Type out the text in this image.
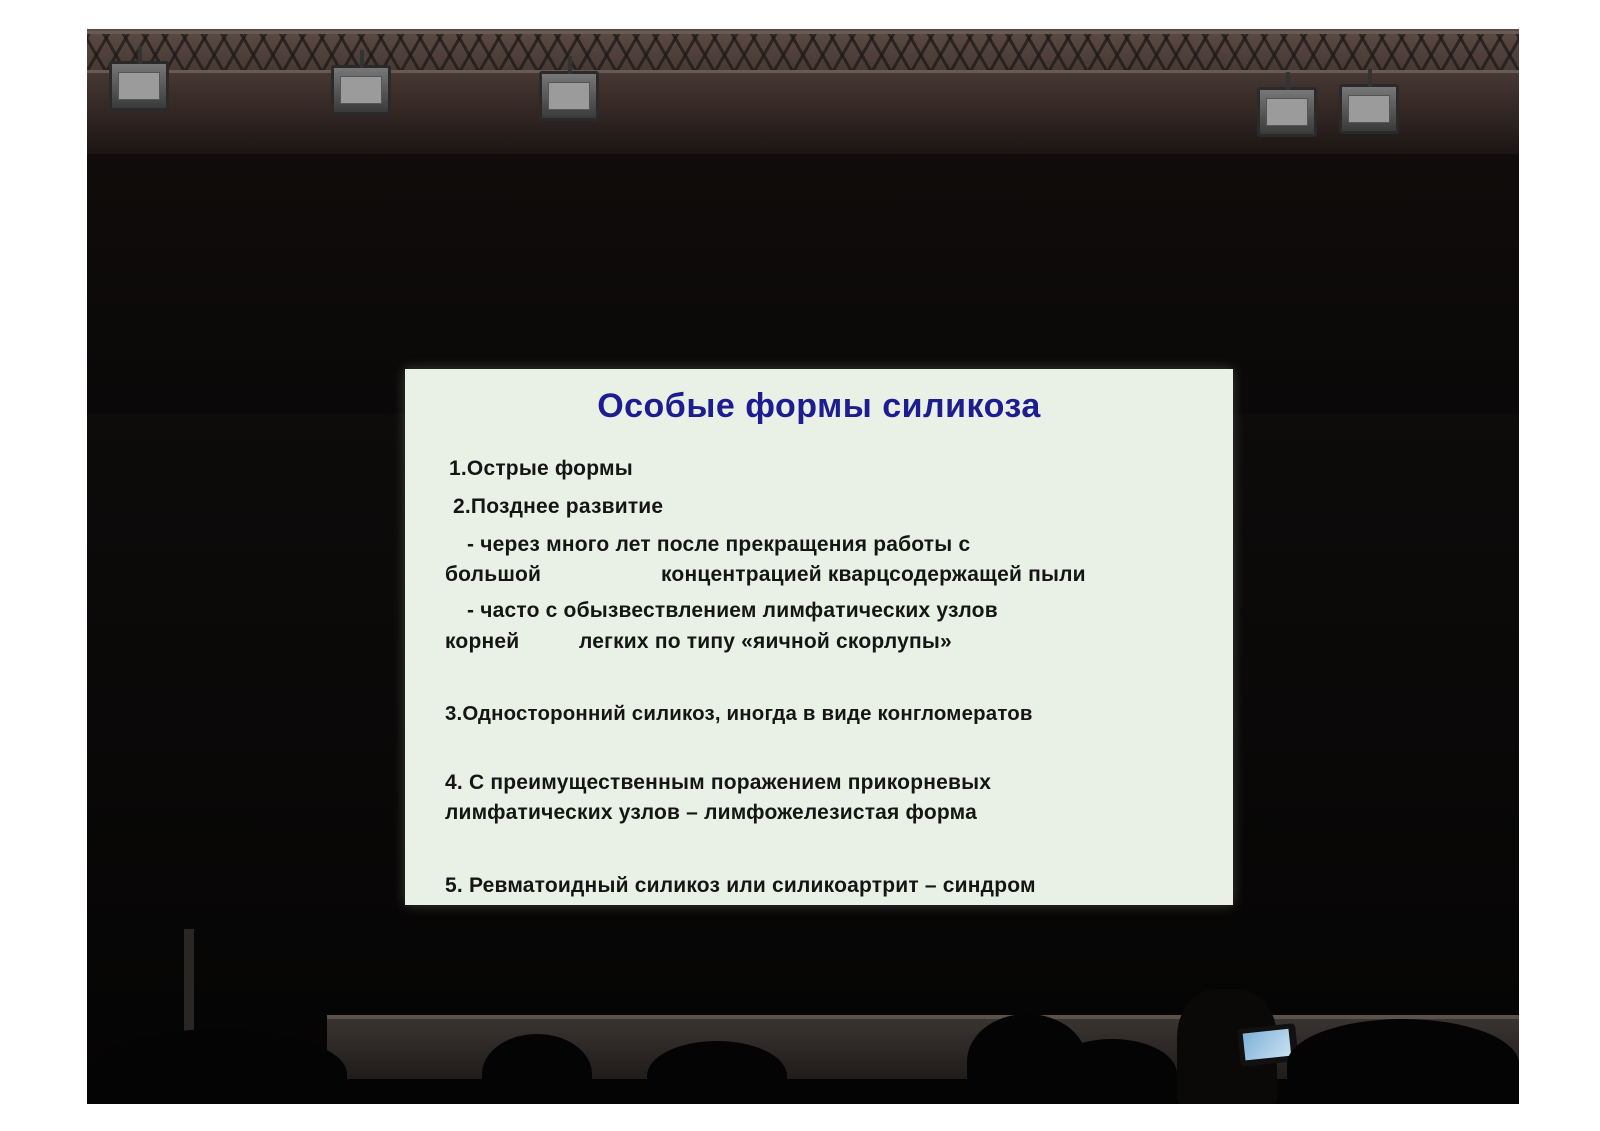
Особые формы силикоза
1.Острые формы
2.Позднее развитие
- через много лет после прекращения работы с
большой	концентрацией кварцсодержащей пыли
- часто с обызвествлением лимфатических узлов
корней	легких по типу «яичной скорлупы»
3.Односторонний силикоз, иногда в виде конгломератов
4. С преимущественным поражением прикорневых
лимфатических узлов – лимфожелезистая форма
5. Ревматоидный силикоз или силикоартрит – синдром
